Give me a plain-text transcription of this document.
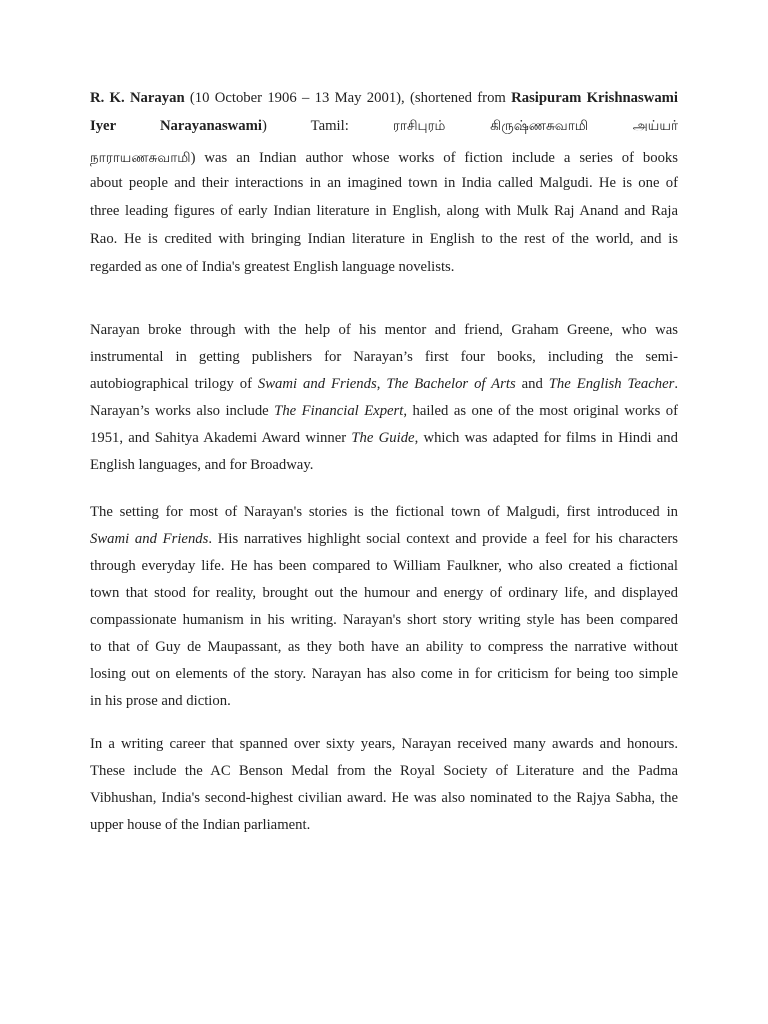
R. K. Narayan (10 October 1906 – 13 May 2001), (shortened from Rasipuram Krishnaswami
Iyer Narayanaswami) Tamil: ராசிபுரம் கிருஷ்ணசுவாமி அய்யர்
நாராயணசுவாமி) was an Indian author whose works of fiction include a series of books
about people and their interactions in an imagined town in India called Malgudi. He is one of
three leading figures of early Indian literature in English, along with Mulk Raj Anand and Raja
Rao. He is credited with bringing Indian literature in English to the rest of the world, and is
regarded as one of India's greatest English language novelists.
Narayan broke through with the help of his mentor and friend, Graham Greene, who was
instrumental in getting publishers for Narayan’s first four books, including the semi-
autobiographical trilogy of Swami and Friends, The Bachelor of Arts and The English Teacher.
Narayan’s works also include The Financial Expert, hailed as one of the most original works of
1951, and Sahitya Akademi Award winner The Guide, which was adapted for films in Hindi and
English languages, and for Broadway.
The setting for most of Narayan's stories is the fictional town of Malgudi, first introduced in
Swami and Friends. His narratives highlight social context and provide a feel for his characters
through everyday life. He has been compared to William Faulkner, who also created a fictional
town that stood for reality, brought out the humour and energy of ordinary life, and displayed
compassionate humanism in his writing. Narayan's short story writing style has been compared
to that of Guy de Maupassant, as they both have an ability to compress the narrative without
losing out on elements of the story. Narayan has also come in for criticism for being too simple
in his prose and diction.
In a writing career that spanned over sixty years, Narayan received many awards and honours.
These include the AC Benson Medal from the Royal Society of Literature and the Padma
Vibhushan, India's second-highest civilian award. He was also nominated to the Rajya Sabha, the
upper house of the Indian parliament.
